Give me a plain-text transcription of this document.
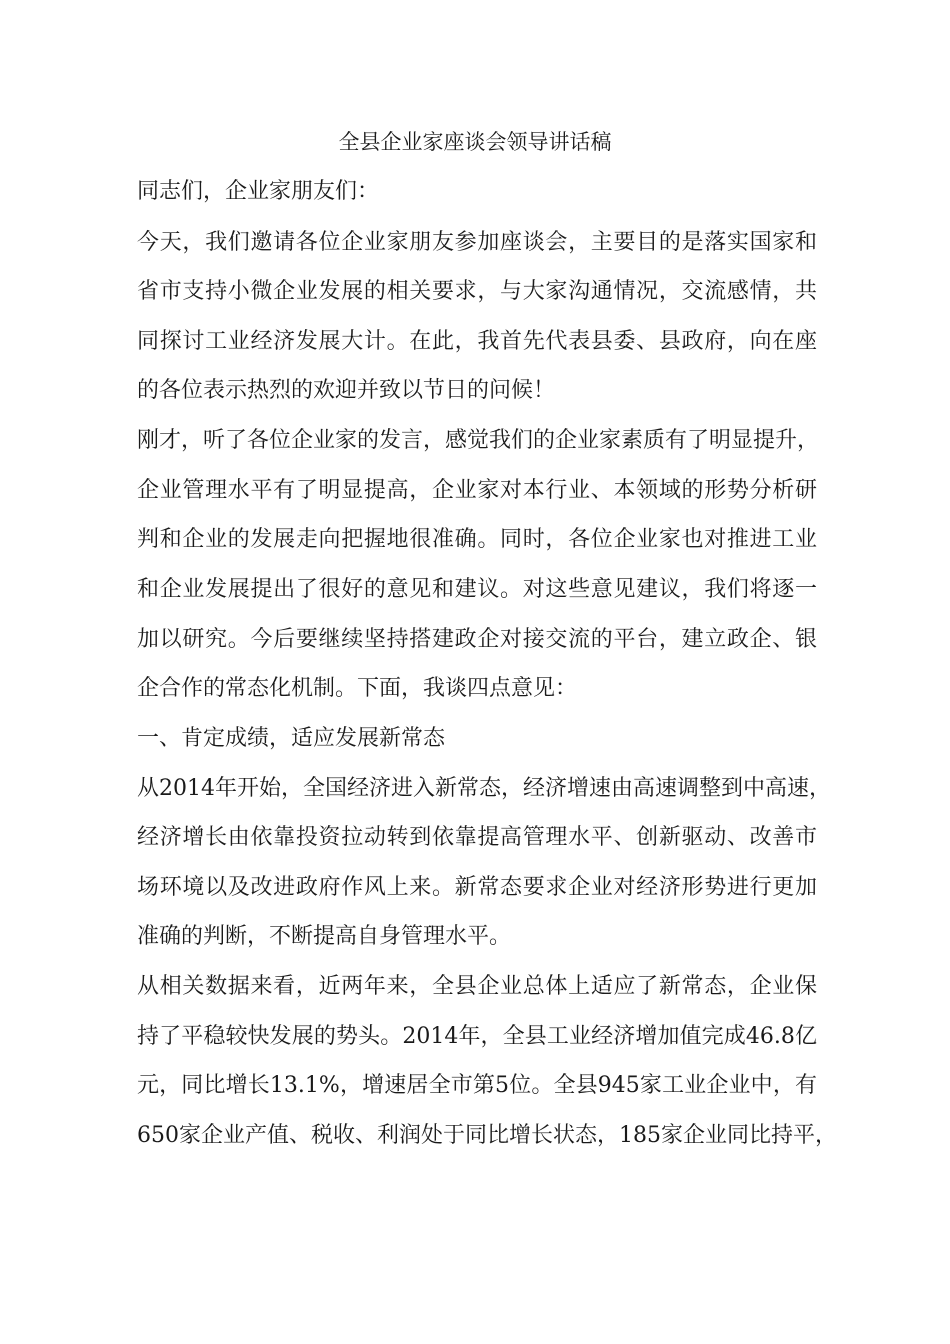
全县企业家座谈会领导讲话稿
同志们，企业家朋友们：
今天，我们邀请各位企业家朋友参加座谈会，主要目的是落实国家和
省市支持小微企业发展的相关要求，与大家沟通情况，交流感情，共
同探讨工业经济发展大计。在此，我首先代表县委、县政府，向在座
的各位表示热烈的欢迎并致以节日的问候！
刚才，听了各位企业家的发言，感觉我们的企业家素质有了明显提升，
企业管理水平有了明显提高，企业家对本行业、本领域的形势分析研
判和企业的发展走向把握地很准确。同时，各位企业家也对推进工业
和企业发展提出了很好的意见和建议。对这些意见建议，我们将逐一
加以研究。今后要继续坚持搭建政企对接交流的平台，建立政企、银
企合作的常态化机制。下面，我谈四点意见：
一、肯定成绩，适应发展新常态
从2014年开始，全国经济进入新常态，经济增速由高速调整到中高速，
经济增长由依靠投资拉动转到依靠提高管理水平、创新驱动、改善市
场环境以及改进政府作风上来。新常态要求企业对经济形势进行更加
准确的判断，不断提高自身管理水平。
从相关数据来看，近两年来，全县企业总体上适应了新常态，企业保
持了平稳较快发展的势头。2014年，全县工业经济增加值完成46.8亿
元，同比增长13.1%，增速居全市第5位。全县945家工业企业中，有
650家企业产值、税收、利润处于同比增长状态，185家企业同比持平，
